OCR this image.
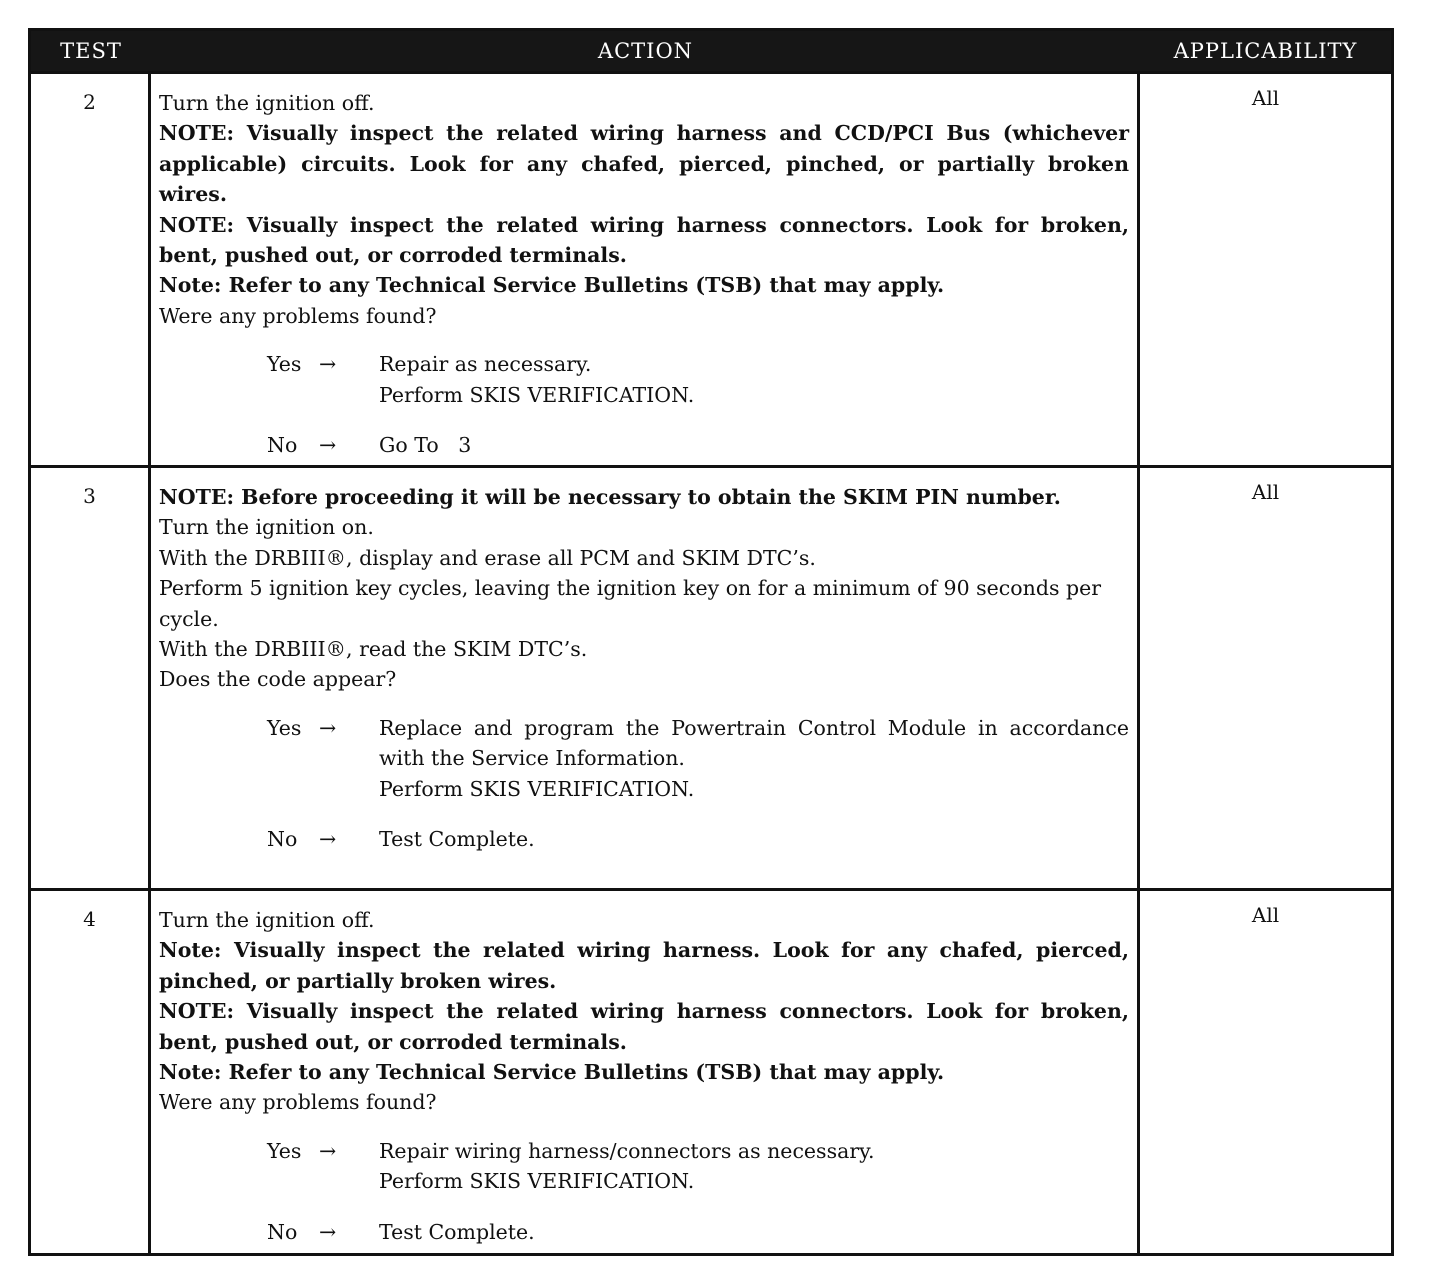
TEST	ACTION	APPLICABILITY
2	Turn the ignition off.
NOTE: Visually inspect the related wiring harness and CCD/PCI Bus (whichever applicable) circuits. Look for any chafed, pierced, pinched, or partially broken wires.
NOTE: Visually inspect the related wiring harness connectors. Look for broken, bent, pushed out, or corroded terminals.
Note: Refer to any Technical Service Bulletins (TSB) that may apply.
Were any problems found?
Yes →	Repair as necessary.
Perform SKIS VERIFICATION.
No	→	Go To   3
All
3	NOTE: Before proceeding it will be necessary to obtain the SKIM PIN number.
Turn the ignition on.
With the DRBIII®, display and erase all PCM and SKIM DTC’s.
Perform 5 ignition key cycles, leaving the ignition key on for a minimum of 90 seconds per cycle.
With the DRBIII®, read the SKIM DTC’s.
Does the code appear?
Yes →	Replace and program the Powertrain Control Module in accordance with the Service Information.
Perform SKIS VERIFICATION.
No	→	Test Complete.
All
4	Turn the ignition off.
Note: Visually inspect the related wiring harness. Look for any chafed, pierced, pinched, or partially broken wires.
NOTE: Visually inspect the related wiring harness connectors. Look for broken, bent, pushed out, or corroded terminals.
Note: Refer to any Technical Service Bulletins (TSB) that may apply.
Were any problems found?
Yes →	Repair wiring harness/connectors as necessary.
Perform SKIS VERIFICATION.
No	→	Test Complete.
All
